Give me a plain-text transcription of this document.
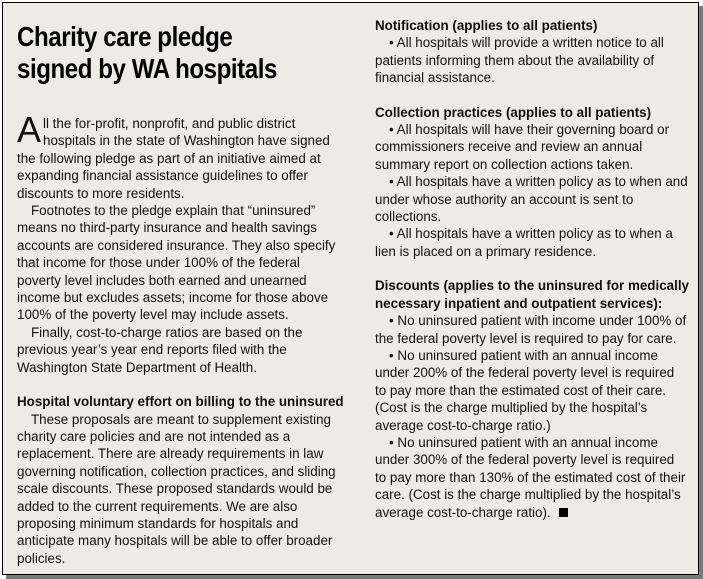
Charity care pledge
signed by WA hospitals

All the for-profit, nonprofit, and public district hospitals in the state of Washington have signed the following pledge as part of an initiative aimed at expanding financial assistance guidelines to offer discounts to more residents.

Footnotes to the pledge explain that “uninsured” means no third-party insurance and health savings accounts are considered insurance. They also specify that income for those under 100% of the federal poverty level includes both earned and unearned income but excludes assets; income for those above 100% of the poverty level may include assets.

Finally, cost-to-charge ratios are based on the previous year’s year end reports filed with the Washington State Department of Health.

Hospital voluntary effort on billing to the uninsured

These proposals are meant to supplement existing charity care policies and are not intended as a replacement. There are already requirements in law governing notification, collection practices, and sliding scale discounts. These proposed standards would be added to the current requirements. We are also proposing minimum standards for hospitals and anticipate many hospitals will be able to offer broader policies.

Notification (applies to all patients)

• All hospitals will provide a written notice to all patients informing them about the availability of financial assistance.

Collection practices (applies to all patients)

• All hospitals will have their governing board or commissioners receive and review an annual summary report on collection actions taken.

• All hospitals have a written policy as to when and under whose authority an account is sent to collections.

• All hospitals have a written policy as to when a lien is placed on a primary residence.

Discounts (applies to the uninsured for medically necessary inpatient and outpatient services):

• No uninsured patient with income under 100% of the federal poverty level is required to pay for care.

• No uninsured patient with an annual income under 200% of the federal poverty level is required to pay more than the estimated cost of their care. (Cost is the charge multiplied by the hospital’s average cost-to-charge ratio.)

• No uninsured patient with an annual income under 300% of the federal poverty level is required to pay more than 130% of the estimated cost of their care. (Cost is the charge multiplied by the hospital’s average cost-to-charge ratio).
